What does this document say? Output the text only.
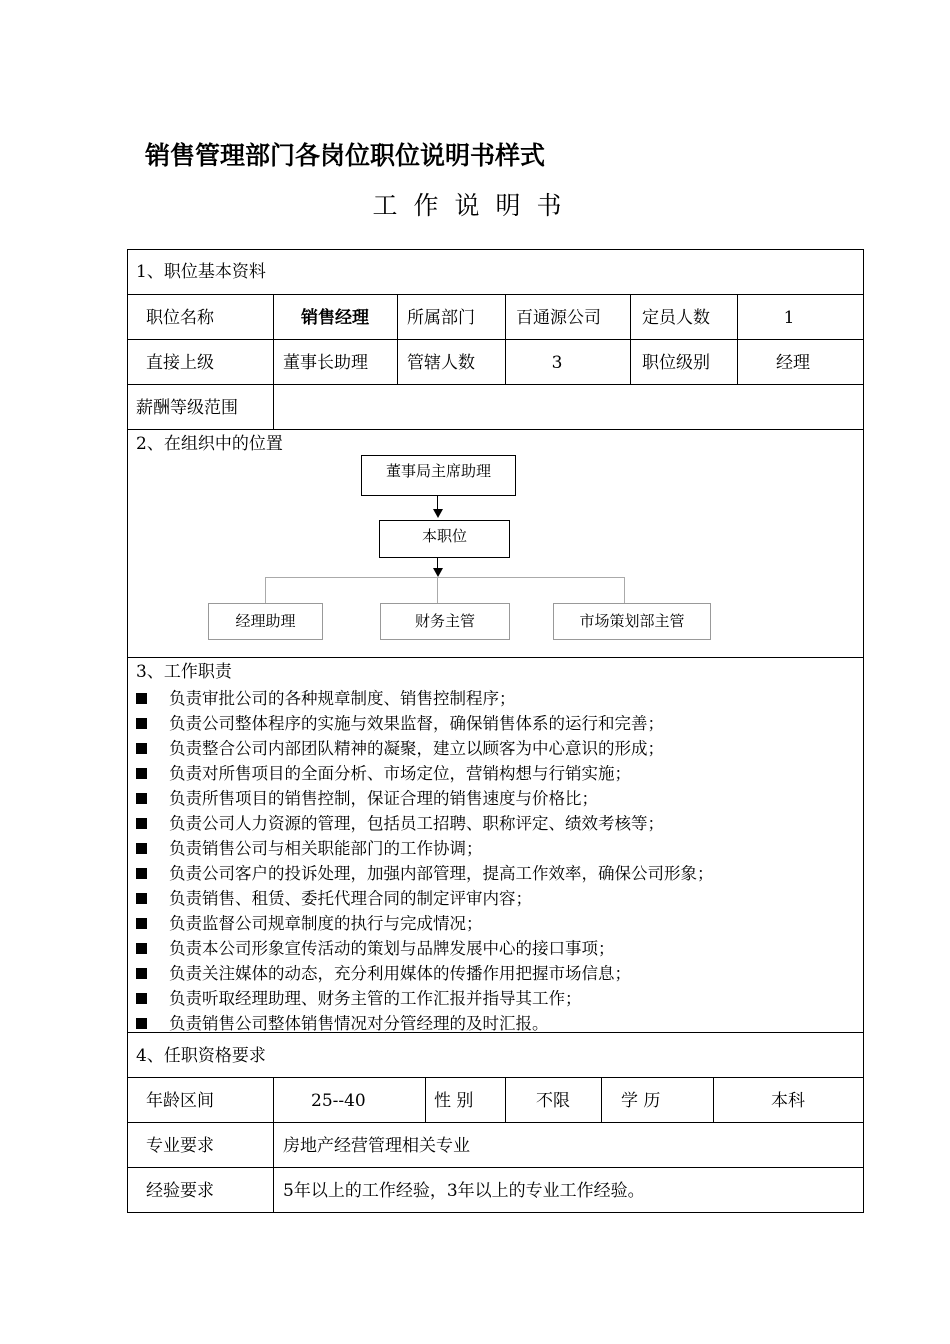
销售管理部门各岗位职位说明书样式
工作说明书
1、职位基本资料
职位名称	销售经理	所属部门 百通源公司 定员人数	1
直接上级	董事长助理 管辖人数	3	职位级别	经理
薪酬等级范围
2、在组织中的位置
董事局主席助理
本职位
经理助理	财务主管	市场策划部主管
3、工作职责
负责审批公司的各种规章制度、销售控制程序；
负责公司整体程序的实施与效果监督，确保销售体系的运行和完善；
负责整合公司内部团队精神的凝聚，建立以顾客为中心意识的形成；
负责对所售项目的全面分析、市场定位，营销构想与行销实施；
负责所售项目的销售控制，保证合理的销售速度与价格比；
负责公司人力资源的管理，包括员工招聘、职称评定、绩效考核等；
负责销售公司与相关职能部门的工作协调；
负责公司客户的投诉处理，加强内部管理，提高工作效率，确保公司形象；
负责销售、租赁、委托代理合同的制定评审内容；
负责监督公司规章制度的执行与完成情况；
负责本公司形象宣传活动的策划与品牌发展中心的接口事项；
负责关注媒体的动态，充分利用媒体的传播作用把握市场信息；
负责听取经理助理、财务主管的工作汇报并指导其工作；
负责销售公司整体销售情况对分管经理的及时汇报。
4、任职资格要求
年龄区间	25--40	性 别	不限	学 历	本科
专业要求	房地产经营管理相关专业
经验要求	5年以上的工作经验，3年以上的专业工作经验。
